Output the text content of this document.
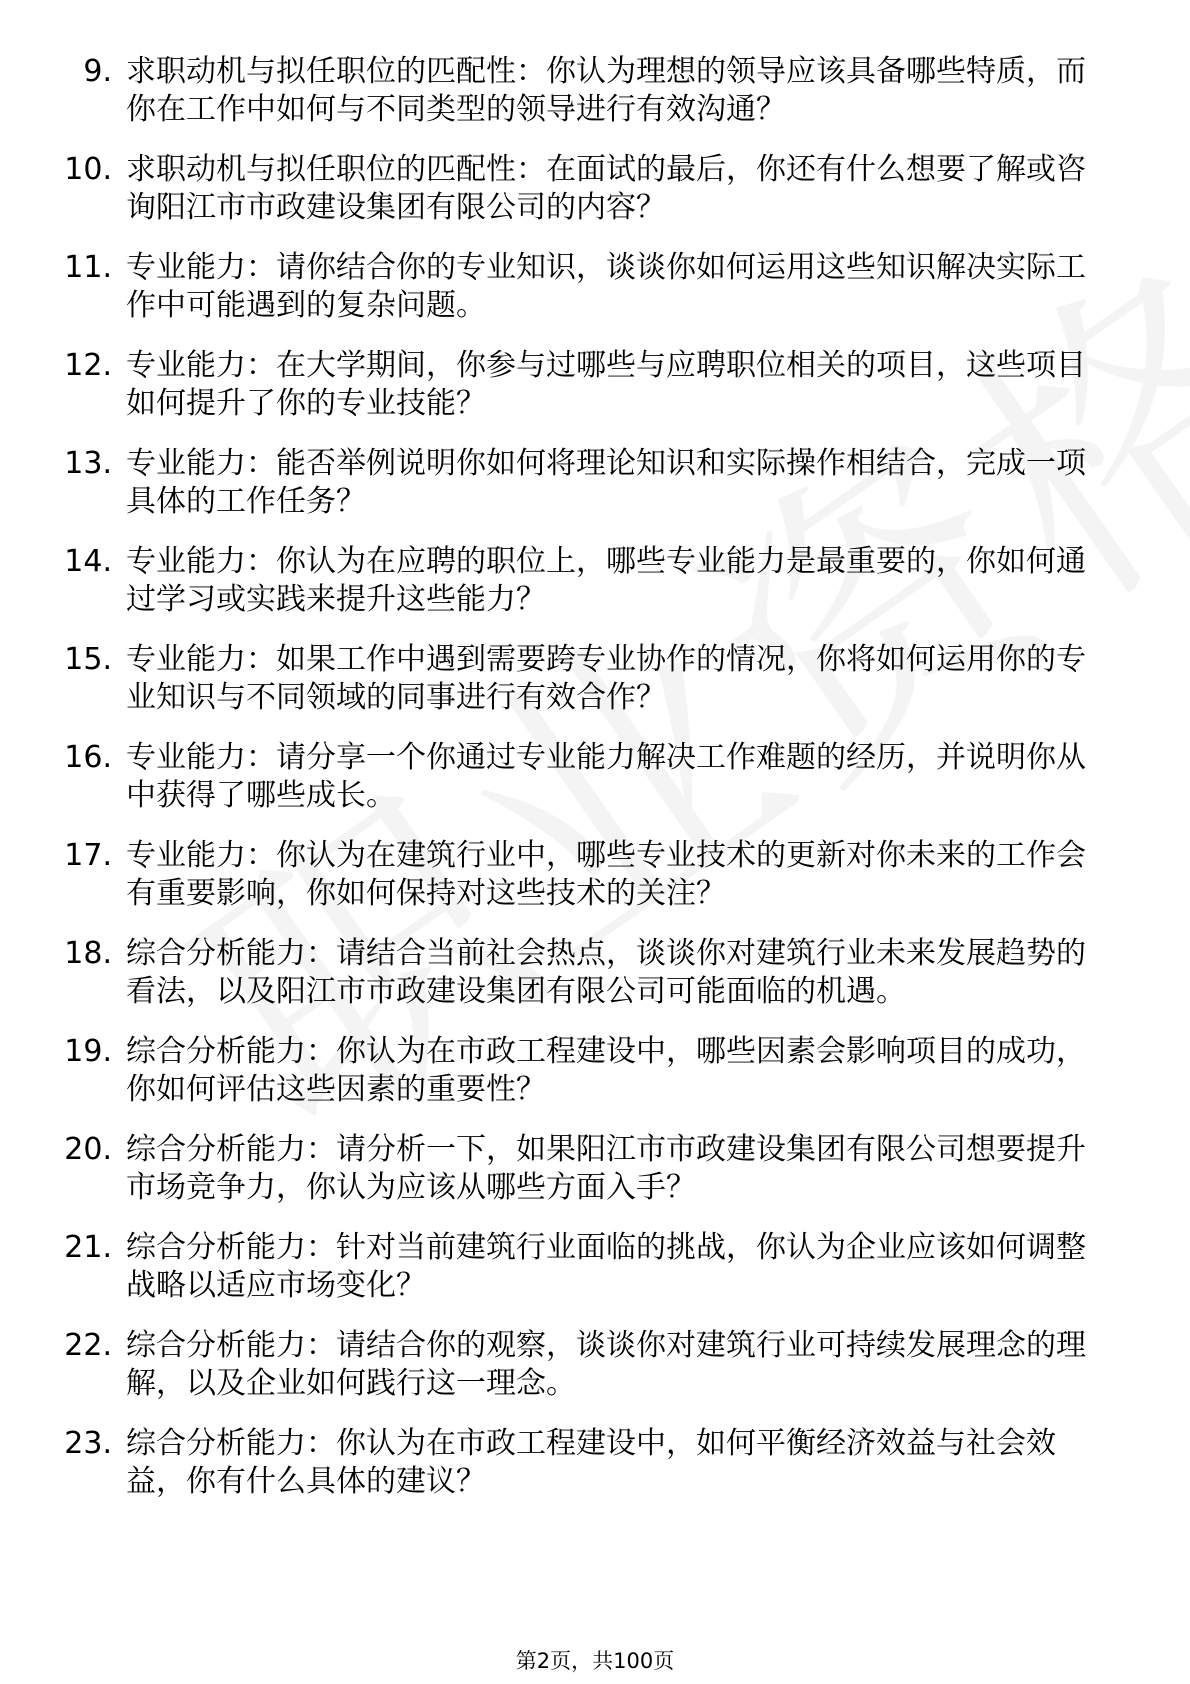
9. 求职动机与拟任职位的匹配性：你认为理想的领导应该具备哪些特质，而你在工作中如何与不同类型的领导进行有效沟通？
10. 求职动机与拟任职位的匹配性：在面试的最后，你还有什么想要了解或咨询阳江市市政建设集团有限公司的内容？
11. 专业能力：请你结合你的专业知识，谈谈你如何运用这些知识解决实际工作中可能遇到的复杂问题。
12. 专业能力：在大学期间，你参与过哪些与应聘职位相关的项目，这些项目如何提升了你的专业技能？
13. 专业能力：能否举例说明你如何将理论知识和实际操作相结合，完成一项具体的工作任务？
14. 专业能力：你认为在应聘的职位上，哪些专业能力是最重要的，你如何通过学习或实践来提升这些能力？
15. 专业能力：如果工作中遇到需要跨专业协作的情况，你将如何运用你的专业知识与不同领域的同事进行有效合作？
16. 专业能力：请分享一个你通过专业能力解决工作难题的经历，并说明你从中获得了哪些成长。
17. 专业能力：你认为在建筑行业中，哪些专业技术的更新对你未来的工作会有重要影响，你如何保持对这些技术的关注？
18. 综合分析能力：请结合当前社会热点，谈谈你对建筑行业未来发展趋势的看法，以及阳江市市政建设集团有限公司可能面临的机遇。
19. 综合分析能力：你认为在市政工程建设中，哪些因素会影响项目的成功，你如何评估这些因素的重要性？
20. 综合分析能力：请分析一下，如果阳江市市政建设集团有限公司想要提升市场竞争力，你认为应该从哪些方面入手？
21. 综合分析能力：针对当前建筑行业面临的挑战，你认为企业应该如何调整战略以适应市场变化？
22. 综合分析能力：请结合你的观察，谈谈你对建筑行业可持续发展理念的理解，以及企业如何践行这一理念。
23. 综合分析能力：你认为在市政工程建设中，如何平衡经济效益与社会效益，你有什么具体的建议？
第2页，共100页
